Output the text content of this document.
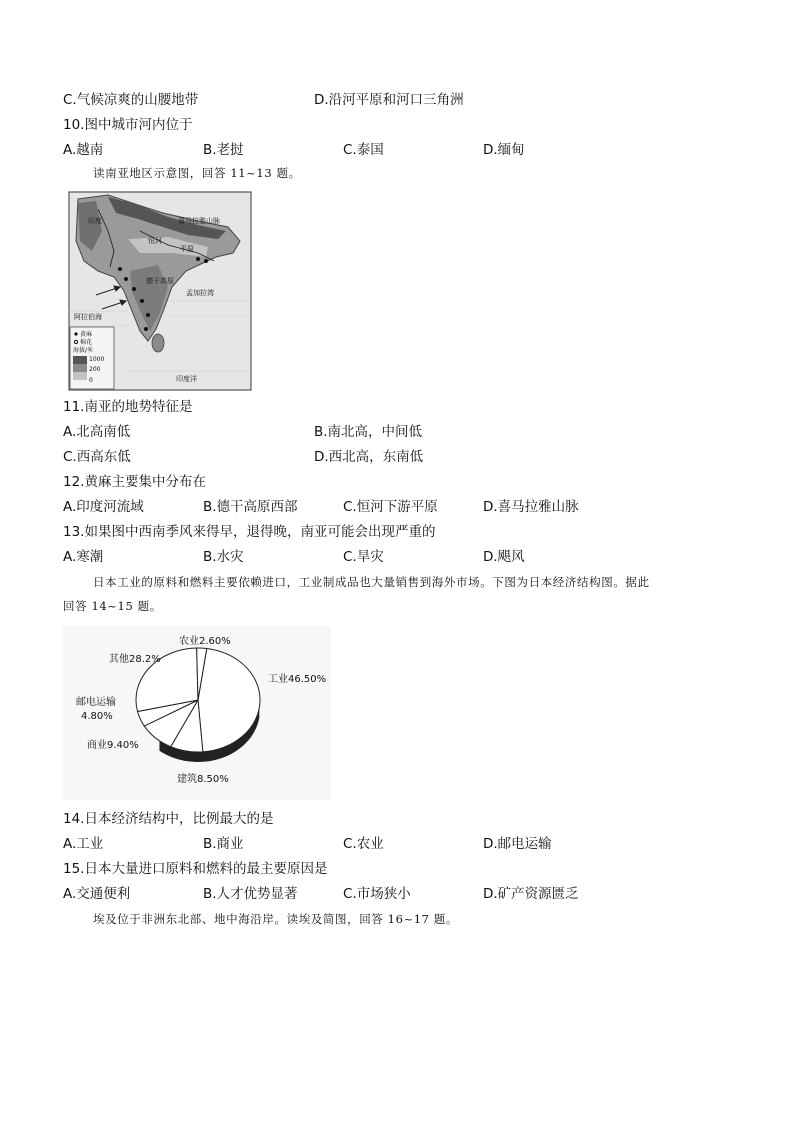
C.气候凉爽的山腰地带	D.沿河平原和河口三角洲
10.图中城市河内位于
A.越南	B.老挝	C.泰国	D.缅甸
读南亚地区示意图，回答 11~13 题。
印度	喜马拉雅山脉
恒河
平原
德干高原
孟加拉湾
阿拉伯海
印度洋
黄麻
棉花
海拔/米
1000
200
0
11.南亚的地势特征是
A.北高南低	B.南北高，中间低
C.西高东低	D.西北高，东南低
12.黄麻主要集中分布在
A.印度河流域	B.德干高原西部	C.恒河下游平原	D.喜马拉雅山脉
13.如果图中西南季风来得早，退得晚，南亚可能会出现严重的
A.寒潮	B.水灾	C.旱灾	D.飓风
日本工业的原料和燃料主要依赖进口，工业制成品也大量销售到海外市场。下图为日本经济结构图。据此
回答 14~15 题。
农业2.60%
其他28.2%
工业46.50%
邮电运输
4.80%
商业9.40%
建筑8.50%
14.日本经济结构中，比例最大的是
A.工业	B.商业	C.农业	D.邮电运输
15.日本大量进口原料和燃料的最主要原因是
A.交通便利	B.人才优势显著	C.市场狭小	D.矿产资源匮乏
埃及位于非洲东北部、地中海沿岸。读埃及简图，回答 16~17 题。
